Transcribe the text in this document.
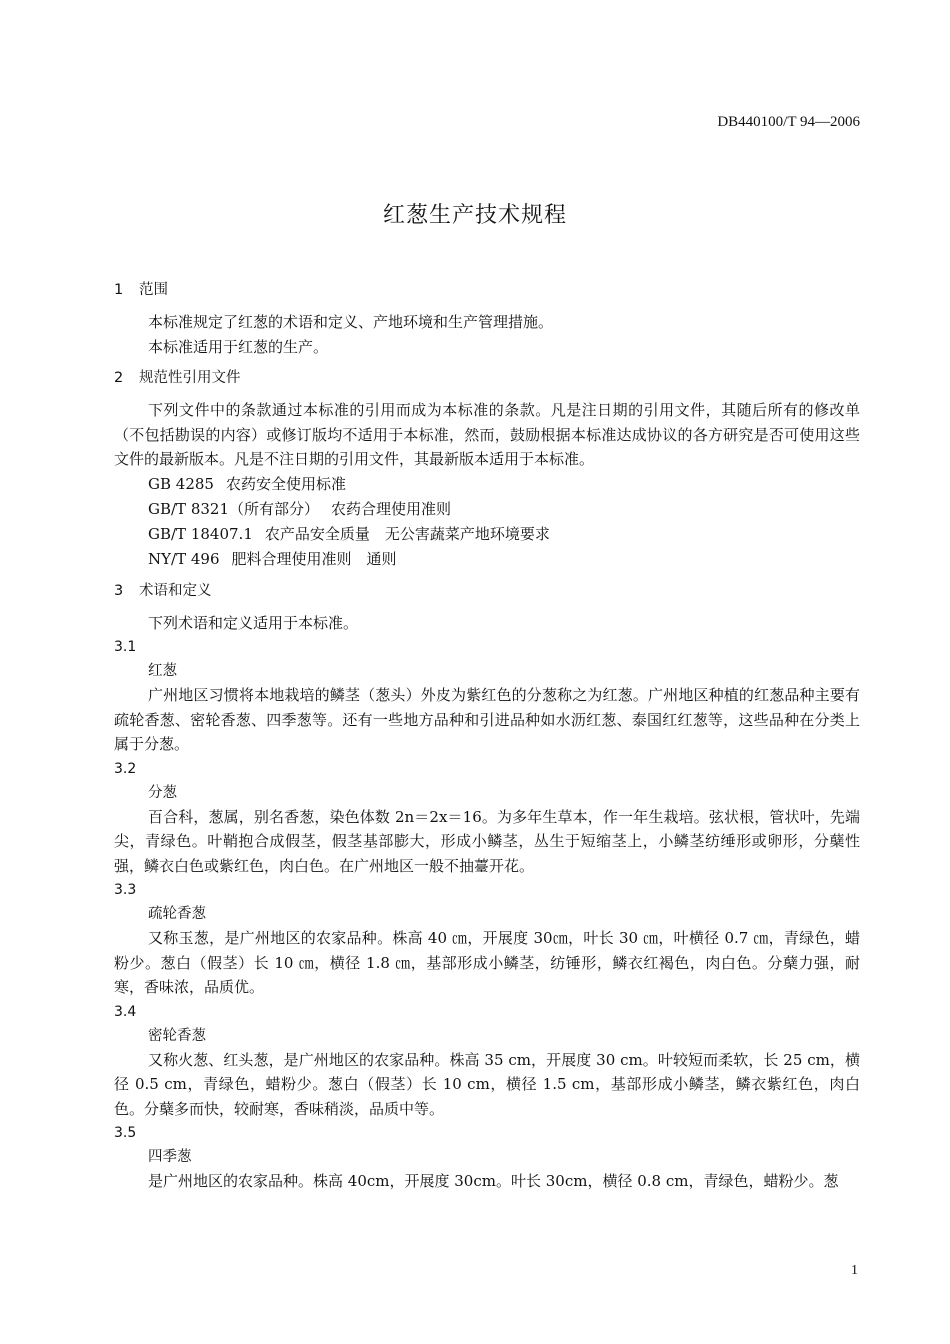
DB440100/T 94—2006
红葱生产技术规程
1 范围

本标准规定了红葱的术语和定义、产地环境和生产管理措施。

本标准适用于红葱的生产。

2 规范性引用文件

下列文件中的条款通过本标准的引用而成为本标准的条款。凡是注日期的引用文件，其随后所有的修改单（不包括勘误的内容）或修订版均不适用于本标准，然而，鼓励根据本标准达成协议的各方研究是否可使用这些文件的最新版本。凡是不注日期的引用文件，其最新版本适用于本标准。

GB 4285 农药安全使用标准

GB/T 8321（所有部分） 农药合理使用准则

GB/T 18407.1 农产品安全质量　无公害蔬菜产地环境要求

NY/T 496 肥料合理使用准则　通则

3 术语和定义

下列术语和定义适用于本标准。

3.1
红葱

广州地区习惯将本地栽培的鳞茎（葱头）外皮为紫红色的分葱称之为红葱。广州地区种植的红葱品种主要有疏轮香葱、密轮香葱、四季葱等。还有一些地方品种和引进品种如水沥红葱、泰国红红葱等，这些品种在分类上属于分葱。

3.2
分葱

百合科，葱属，别名香葱，染色体数 2n＝2x＝16。为多年生草本，作一年生栽培。弦状根，管状叶，先端尖，青绿色。叶鞘抱合成假茎，假茎基部膨大，形成小鳞茎，丛生于短缩茎上，小鳞茎纺缍形或卵形，分蘖性强，鳞衣白色或紫红色，肉白色。在广州地区一般不抽薹开花。

3.3
疏轮香葱

又称玉葱，是广州地区的农家品种。株高 40 ㎝，开展度 30㎝，叶长 30 ㎝，叶横径 0.7 ㎝，青绿色，蜡粉少。葱白（假茎）长 10 ㎝，横径 1.8 ㎝，基部形成小鳞茎，纺锤形，鳞衣红褐色，肉白色。分蘖力强，耐寒，香味浓，品质优。

3.4
密轮香葱

又称火葱、红头葱，是广州地区的农家品种。株高 35 cm，开展度 30 cm。叶较短而柔软，长 25 cm，横径 0.5 cm，青绿色，蜡粉少。葱白（假茎）长 10 cm，横径 1.5 cm，基部形成小鳞茎，鳞衣紫红色，肉白色。分蘖多而快，较耐寒，香味稍淡，品质中等。

3.5
四季葱

是广州地区的农家品种。株高 40cm，开展度 30cm。叶长 30cm，横径 0.8 cm，青绿色，蜡粉少。葱

1
